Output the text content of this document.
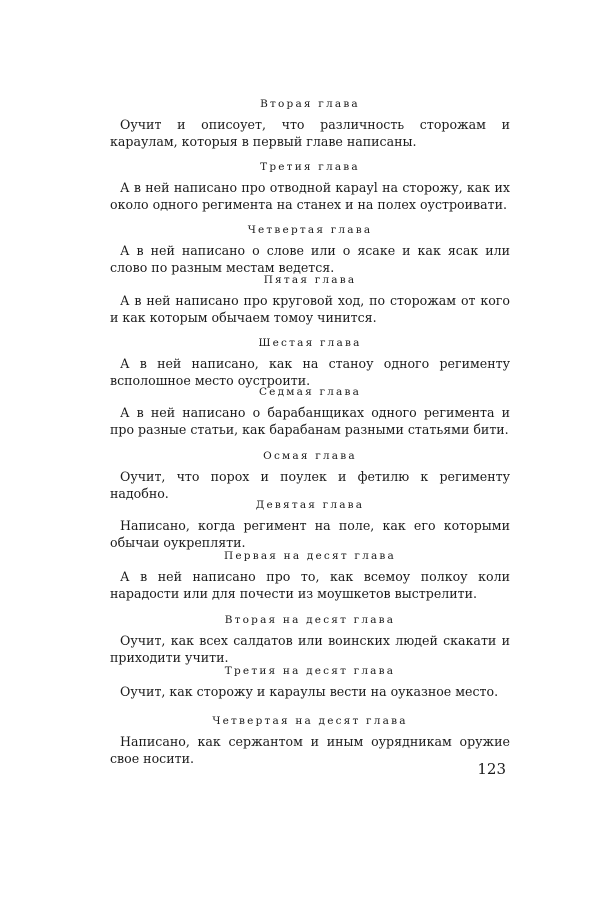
Вторая глава

Оучит и описоует, что различность сторожам и караулам, которыя в первый главе написаны.

Третия глава

А в ней написано про отводной карауl на сторожу, как их около одного регимента на станех и на полех оустроивати.

Четвертая глава

А в ней написано о слове или о ясаке и как ясак или слово по разным местам ведется.

Пятая глава

А в ней написано про круговой ход, по сторожам от кого и как которым обычаем томоу чинится.

Шестая глава

А в ней написано, как на станоу одного регименту всполошное место оустроити.

Седмая глава

А в ней написано о барабанщиках одного регимента и про разные статьи, как барабанам разными статьями бити.

Осмая глава

Оучит, что порох и поулек и фетилю к регименту надобно.

Девятая глава

Написано, когда регимент на поле, как его которыми обычаи оукрепляти.

Первая на десят глава

А в ней написано про то, как всемоу полкоу коли нарадости или для почести из моушкетов выстрелити.

Вторая на десят глава

Оучит, как всех салдатов или воинских людей скакати и приходити учити.

Третия на десят глава

Оучит, как сторожу и караулы вести на оуказное место.

Четвертая на десят глава

Написано, как сержантом и иным оурядникам оружие свое носити.

123
